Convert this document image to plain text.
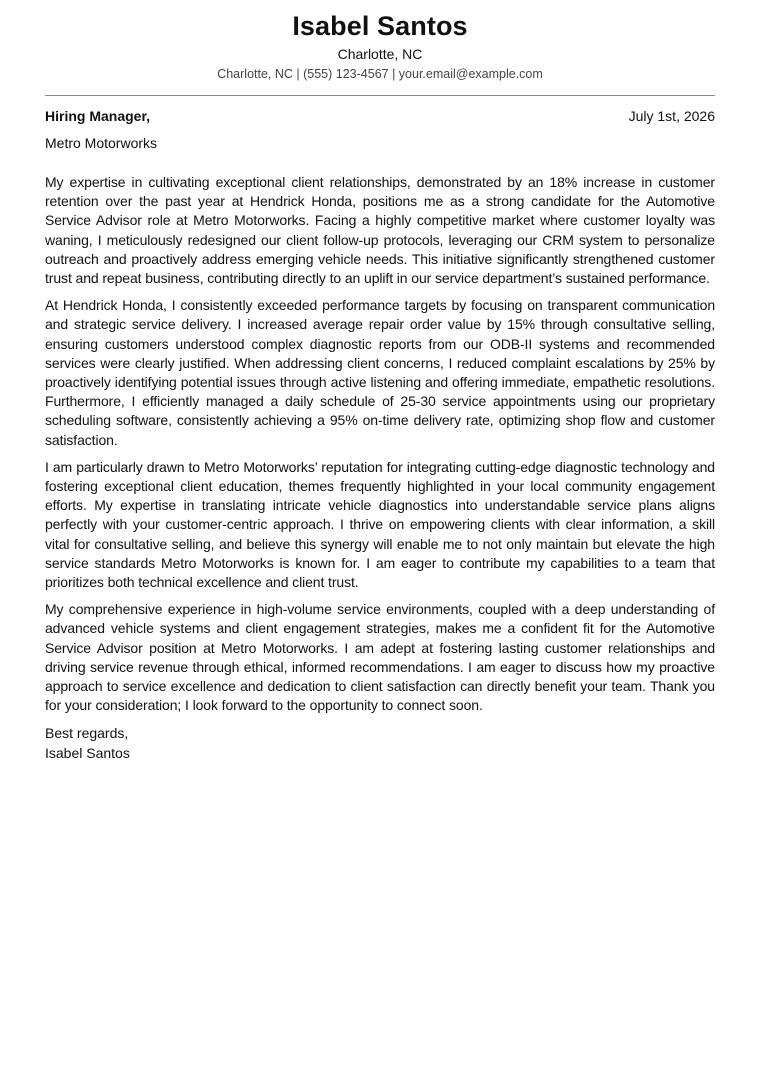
Isabel Santos
Charlotte, NC
Charlotte, NC | (555) 123-4567 | your.email@example.com
Hiring Manager,	July 1st, 2026
Metro Motorworks

My expertise in cultivating exceptional client relationships, demonstrated by an 18% increase in customer retention over the past year at Hendrick Honda, positions me as a strong candidate for the Automotive Service Advisor role at Metro Motorworks. Facing a highly competitive market where customer loyalty was waning, I meticulously redesigned our client follow-up protocols, leveraging our CRM system to personalize outreach and proactively address emerging vehicle needs. This initiative significantly strengthened customer trust and repeat business, contributing directly to an uplift in our service department’s sustained performance.

At Hendrick Honda, I consistently exceeded performance targets by focusing on transparent communication and strategic service delivery. I increased average repair order value by 15% through consultative selling, ensuring customers understood complex diagnostic reports from our ODB-II systems and recommended services were clearly justified. When addressing client concerns, I reduced complaint escalations by 25% by proactively identifying potential issues through active listening and offering immediate, empathetic resolutions. Furthermore, I efficiently managed a daily schedule of 25-30 service appointments using our proprietary scheduling software, consistently achieving a 95% on-time delivery rate, optimizing shop flow and customer satisfaction.

I am particularly drawn to Metro Motorworks’ reputation for integrating cutting-edge diagnostic technology and fostering exceptional client education, themes frequently highlighted in your local community engagement efforts. My expertise in translating intricate vehicle diagnostics into understandable service plans aligns perfectly with your customer-centric approach. I thrive on empowering clients with clear information, a skill vital for consultative selling, and believe this synergy will enable me to not only maintain but elevate the high service standards Metro Motorworks is known for. I am eager to contribute my capabilities to a team that prioritizes both technical excellence and client trust.

My comprehensive experience in high-volume service environments, coupled with a deep understanding of advanced vehicle systems and client engagement strategies, makes me a confident fit for the Automotive Service Advisor position at Metro Motorworks. I am adept at fostering lasting customer relationships and driving service revenue through ethical, informed recommendations. I am eager to discuss how my proactive approach to service excellence and dedication to client satisfaction can directly benefit your team. Thank you for your consideration; I look forward to the opportunity to connect soon.

Best regards,
Isabel Santos
